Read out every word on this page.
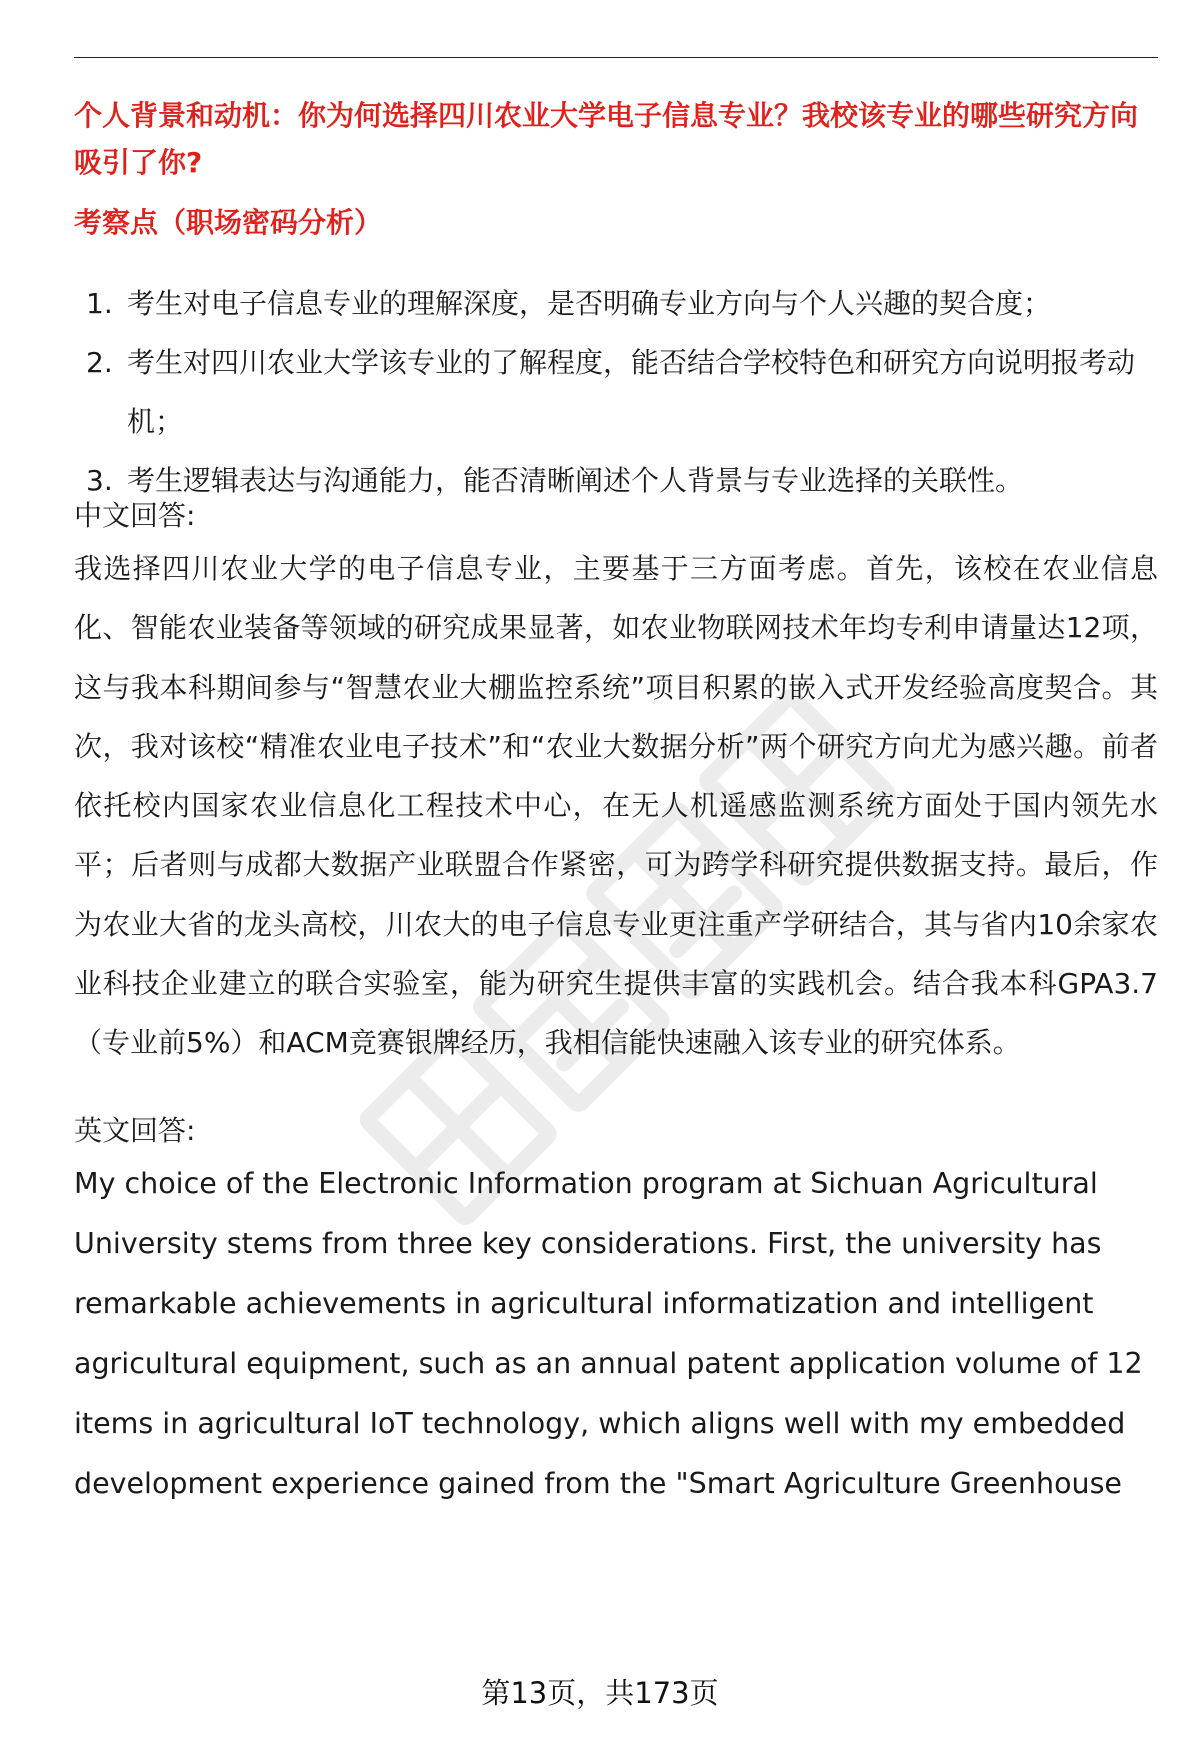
个人背景和动机：你为何选择四川农业大学电子信息专业？我校该专业的哪些研究方向吸引了你?
考察点（职场密码分析）
1. 考生对电子信息专业的理解深度，是否明确专业方向与个人兴趣的契合度；
2. 考生对四川农业大学该专业的了解程度，能否结合学校特色和研究方向说明报考动机；
3. 考生逻辑表达与沟通能力，能否清晰阐述个人背景与专业选择的关联性。

中文回答:

我选择四川农业大学的电子信息专业，主要基于三方面考虑。首先，该校在农业信息化、智能农业装备等领域的研究成果显著，如农业物联网技术年均专利申请量达12项，这与我本科期间参与“智慧农业大棚监控系统”项目积累的嵌入式开发经验高度契合。其次，我对该校“精准农业电子技术”和“农业大数据分析”两个研究方向尤为感兴趣。前者依托校内国家农业信息化工程技术中心，在无人机遥感监测系统方面处于国内领先水平；后者则与成都大数据产业联盟合作紧密，可为跨学科研究提供数据支持。最后，作为农业大省的龙头高校，川农大的电子信息专业更注重产学研结合，其与省内10余家农业科技企业建立的联合实验室，能为研究生提供丰富的实践机会。结合我本科GPA3.7（专业前5%）和ACM竞赛银牌经历，我相信能快速融入该专业的研究体系。

英文回答:

My choice of the Electronic Information program at Sichuan Agricultural University stems from three key considerations. First, the university has remarkable achievements in agricultural informatization and intelligent agricultural equipment, such as an annual patent application volume of 12 items in agricultural IoT technology, which aligns well with my embedded development experience gained from the "Smart Agriculture Greenhouse

第13页，共173页
